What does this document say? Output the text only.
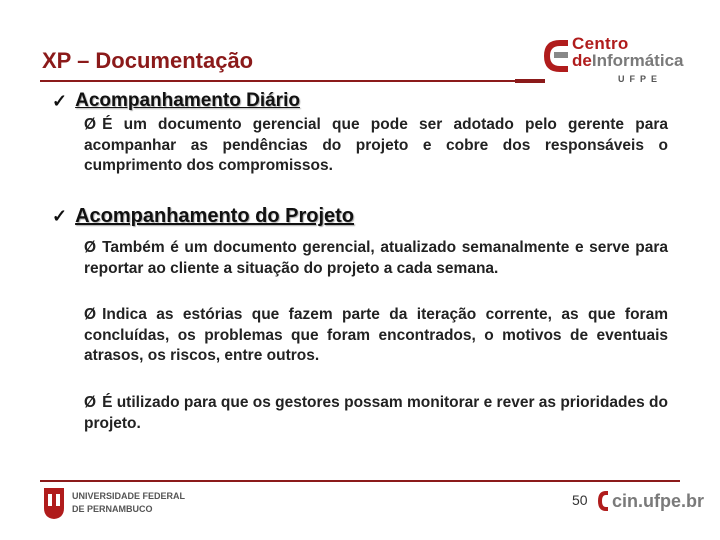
XP – Documentação
Centro
deInformática
UFPE
✓ Acompanhamento Diário
Ø É um documento gerencial que pode ser adotado pelo gerente para acompanhar as pendências do projeto e cobre dos responsáveis o cumprimento dos compromissos.
✓ Acompanhamento do Projeto
Ø Também é um documento gerencial, atualizado semanalmente e serve para reportar ao cliente a situação do projeto a cada semana.
Ø Indica as estórias que fazem parte da iteração corrente, as que foram concluídas, os problemas que foram encontrados, o motivos de eventuais atrasos, os riscos, entre outros.
Ø É utilizado para que os gestores possam monitorar e rever as prioridades do projeto.
UNIVERSIDADE FEDERAL
DE PERNAMBUCO
50 cin.ufpe.br
